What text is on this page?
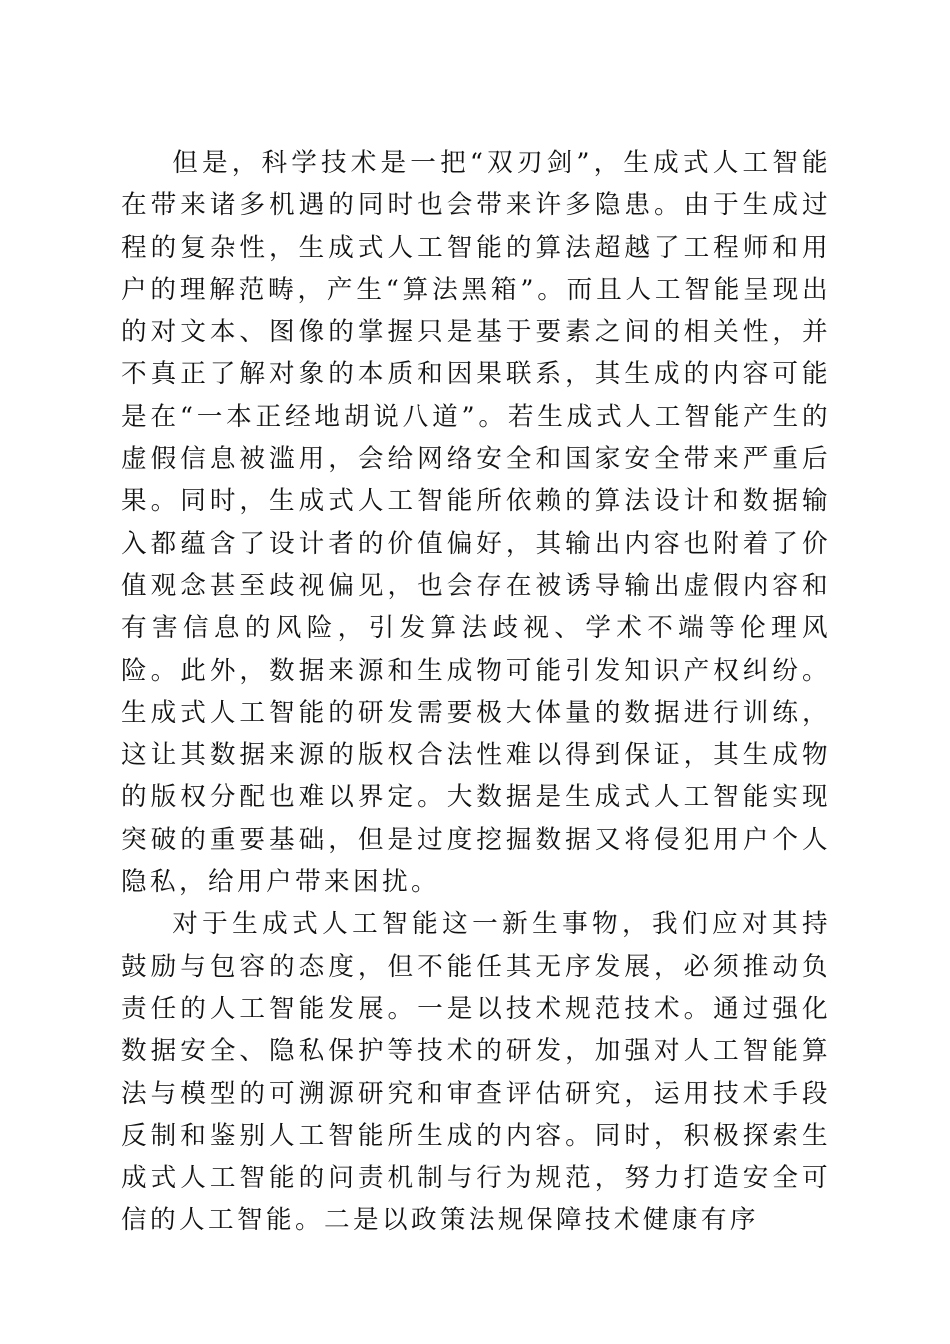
但是，科学技术是一把“双刃剑”，生成式人工智能在带来诸多机遇的同时也会带来许多隐患。由于生成过程的复杂性，生成式人工智能的算法超越了工程师和用户的理解范畴，产生“算法黑箱”。而且人工智能呈现出的对文本、图像的掌握只是基于要素之间的相关性，并不真正了解对象的本质和因果联系，其生成的内容可能是在“一本正经地胡说八道”。若生成式人工智能产生的虚假信息被滥用，会给网络安全和国家安全带来严重后果。同时，生成式人工智能所依赖的算法设计和数据输入都蕴含了设计者的价值偏好，其输出内容也附着了价值观念甚至歧视偏见，也会存在被诱导输出虚假内容和有害信息的风险，引发算法歧视、学术不端等伦理风险。此外，数据来源和生成物可能引发知识产权纠纷。生成式人工智能的研发需要极大体量的数据进行训练，这让其数据来源的版权合法性难以得到保证，其生成物的版权分配也难以界定。大数据是生成式人工智能实现突破的重要基础，但是过度挖掘数据又将侵犯用户个人隐私，给用户带来困扰。

对于生成式人工智能这一新生事物，我们应对其持鼓励与包容的态度，但不能任其无序发展，必须推动负责任的人工智能发展。一是以技术规范技术。通过强化数据安全、隐私保护等技术的研发，加强对人工智能算法与模型的可溯源研究和审查评估研究，运用技术手段反制和鉴别人工智能所生成的内容。同时，积极探索生成式人工智能的问责机制与行为规范，努力打造安全可信的人工智能。二是以政策法规保障技术健康有序
